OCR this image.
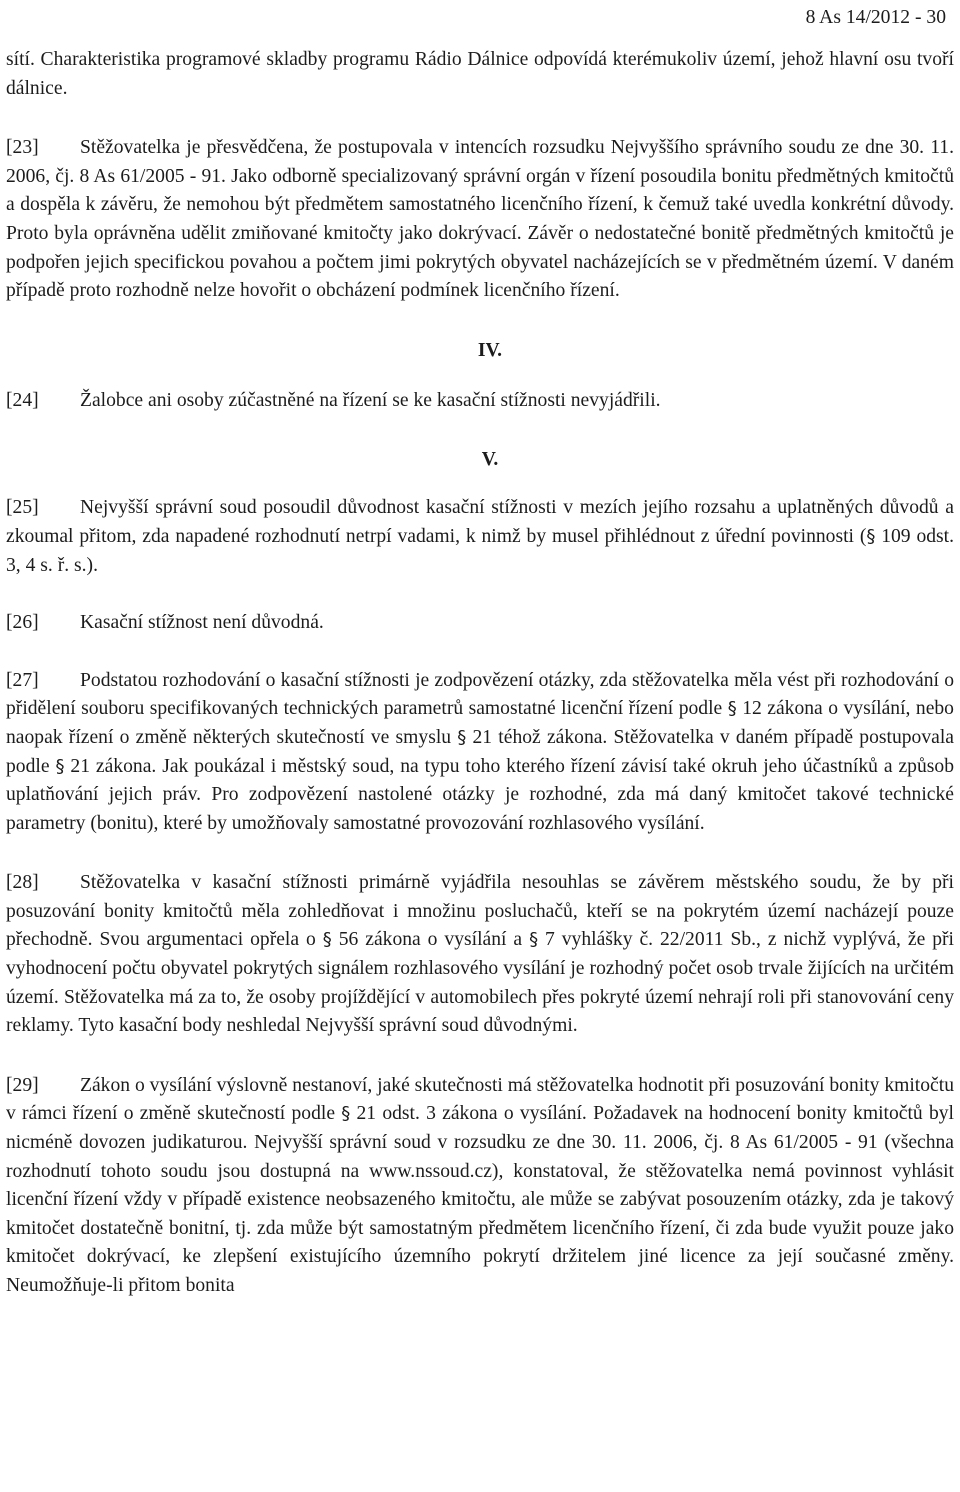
8 As 14/2012 - 30

sítí. Charakteristika programové skladby programu Rádio Dálnice odpovídá kterémukoliv území, jehož hlavní osu tvoří dálnice.

[23] Stěžovatelka je přesvědčena, že postupovala v intencích rozsudku Nejvyššího správního soudu ze dne 30. 11. 2006, čj. 8 As 61/2005 - 91. Jako odborně specializovaný správní orgán v řízení posoudila bonitu předmětných kmitočtů a dospěla k závěru, že nemohou být předmětem samostatného licenčního řízení, k čemuž také uvedla konkrétní důvody. Proto byla oprávněna udělit zmiňované kmitočty jako dokrývací. Závěr o nedostatečné bonitě předmětných kmitočtů je podpořen jejich specifickou povahou a počtem jimi pokrytých obyvatel nacházejících se v předmětném území. V daném případě proto rozhodně nelze hovořit o obcházení podmínek licenčního řízení.

IV.

[24] Žalobce ani osoby zúčastněné na řízení se ke kasační stížnosti nevyjádřili.

V.

[25] Nejvyšší správní soud posoudil důvodnost kasační stížnosti v mezích jejího rozsahu a uplatněných důvodů a zkoumal přitom, zda napadené rozhodnutí netrpí vadami, k nimž by musel přihlédnout z úřední povinnosti (§ 109 odst. 3, 4 s. ř. s.).

[26] Kasační stížnost není důvodná.

[27] Podstatou rozhodování o kasační stížnosti je zodpovězení otázky, zda stěžovatelka měla vést při rozhodování o přidělení souboru specifikovaných technických parametrů samostatné licenční řízení podle § 12 zákona o vysílání, nebo naopak řízení o změně některých skutečností ve smyslu § 21 téhož zákona. Stěžovatelka v daném případě postupovala podle § 21 zákona. Jak poukázal i městský soud, na typu toho kterého řízení závisí také okruh jeho účastníků a způsob uplatňování jejich práv. Pro zodpovězení nastolené otázky je rozhodné, zda má daný kmitočet takové technické parametry (bonitu), které by umožňovaly samostatné provozování rozhlasového vysílání.

[28] Stěžovatelka v kasační stížnosti primárně vyjádřila nesouhlas se závěrem městského soudu, že by při posuzování bonity kmitočtů měla zohledňovat i množinu posluchačů, kteří se na pokrytém území nacházejí pouze přechodně. Svou argumentaci opřela o § 56 zákona o vysílání a § 7 vyhlášky č. 22/2011 Sb., z nichž vyplývá, že při vyhodnocení počtu obyvatel pokrytých signálem rozhlasového vysílání je rozhodný počet osob trvale žijících na určitém území. Stěžovatelka má za to, že osoby projíždějící v automobilech přes pokryté území nehrají roli při stanovování ceny reklamy. Tyto kasační body neshledal Nejvyšší správní soud důvodnými.

[29] Zákon o vysílání výslovně nestanoví, jaké skutečnosti má stěžovatelka hodnotit při posuzování bonity kmitočtu v rámci řízení o změně skutečností podle § 21 odst. 3 zákona o vysílání. Požadavek na hodnocení bonity kmitočtů byl nicméně dovozen judikaturou. Nejvyšší správní soud v rozsudku ze dne 30. 11. 2006, čj. 8 As 61/2005 - 91 (všechna rozhodnutí tohoto soudu jsou dostupná na www.nssoud.cz), konstatoval, že stěžovatelka nemá povinnost vyhlásit licenční řízení vždy v případě existence neobsazeného kmitočtu, ale může se zabývat posouzením otázky, zda je takový kmitočet dostatečně bonitní, tj. zda může být samostatným předmětem licenčního řízení, či zda bude využit pouze jako kmitočet dokrývací, ke zlepšení existujícího územního pokrytí držitelem jiné licence za její současné změny. Neumožňuje-li přitom bonita
